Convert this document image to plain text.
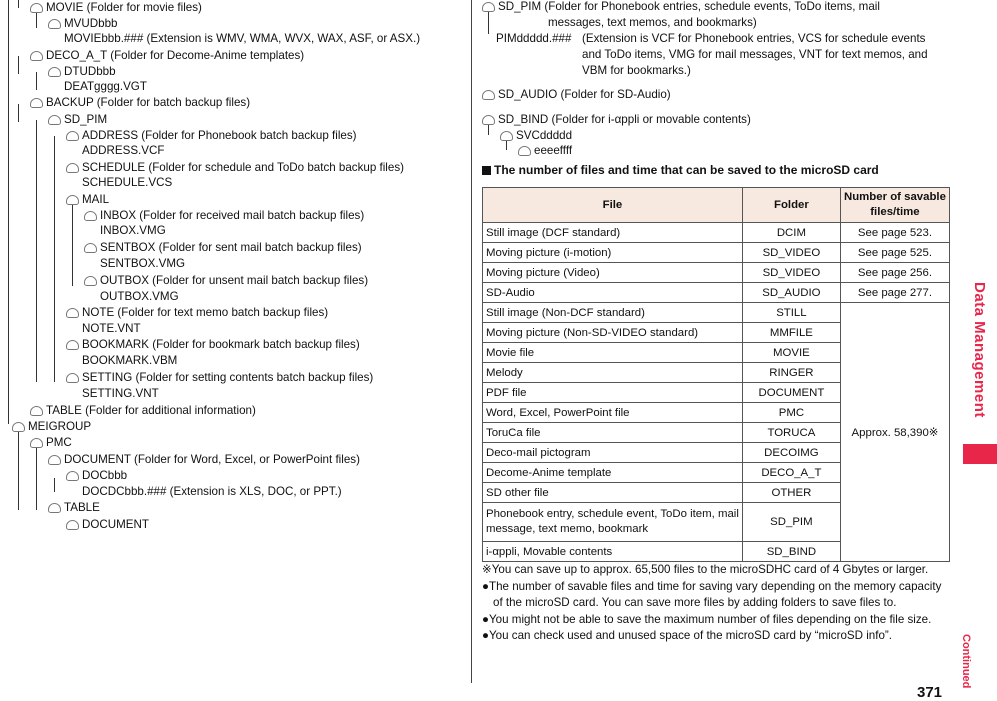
MOVIE (Folder for movie files)
MVUDbbb
MOVIEbbb.### (Extension is WMV, WMA, WVX, WAX, ASF, or ASX.)
DECO_A_T (Folder for Decome-Anime templates)
DTUDbbb
DEATgggg.VGT
BACKUP (Folder for batch backup files)
SD_PIM
ADDRESS (Folder for Phonebook batch backup files)
ADDRESS.VCF
SCHEDULE (Folder for schedule and ToDo batch backup files)
SCHEDULE.VCS
MAIL
INBOX (Folder for received mail batch backup files)
INBOX.VMG
SENTBOX (Folder for sent mail batch backup files)
SENTBOX.VMG
OUTBOX (Folder for unsent mail batch backup files)
OUTBOX.VMG
NOTE (Folder for text memo batch backup files)
NOTE.VNT
BOOKMARK (Folder for bookmark batch backup files)
BOOKMARK.VBM
SETTING (Folder for setting contents batch backup files)
SETTING.VNT
TABLE (Folder for additional information)
MEIGROUP
PMC
DOCUMENT (Folder for Word, Excel, or PowerPoint files)
DOCbbb
DOCDCbbb.### (Extension is XLS, DOC, or PPT.)
TABLE
DOCUMENT
SD_PIM (Folder for Phonebook entries, schedule events, ToDo items, mail
messages, text memos, and bookmarks)
PIMddddd.### (Extension is VCF for Phonebook entries, VCS for schedule events
and ToDo items, VMG for mail messages, VNT for text memos, and
VBM for bookmarks.)
SD_AUDIO (Folder for SD-Audio)
SD_BIND (Folder for i-αppli or movable contents)
SVCddddd
eeeeffff
The number of files and time that can be saved to the microSD card
File	Folder	Number of savable files/time
Still image (DCF standard)	DCIM	See page 523.
Moving picture (i-motion)	SD_VIDEO	See page 525.
Moving picture (Video)	SD_VIDEO	See page 256.
SD-Audio	SD_AUDIO	See page 277.
Still image (Non-DCF standard)	STILL	Approx. 58,390※
Moving picture (Non-SD-VIDEO standard)	MMFILE	
Movie file	MOVIE	
Melody	RINGER	
PDF file	DOCUMENT	
Word, Excel, PowerPoint file	PMC	
ToruCa file	TORUCA	
Deco-mail pictogram	DECOIMG	
Decome-Anime template	DECO_A_T	
SD other file	OTHER	
Phonebook entry, schedule event, ToDo item, mail message, text memo, bookmark	SD_PIM	
i-αppli, Movable contents	SD_BIND	

※You can save up to approx. 65,500 files to the microSDHC card of 4 Gbytes or larger.

●The number of savable files and time for saving vary depending on the memory capacity of the microSD card. You can save more files by adding folders to save files to.

●You might not be able to save the maximum number of files depending on the file size.

●You can check used and unused space of the microSD card by “microSD info”.

Data Management
Continued
371
